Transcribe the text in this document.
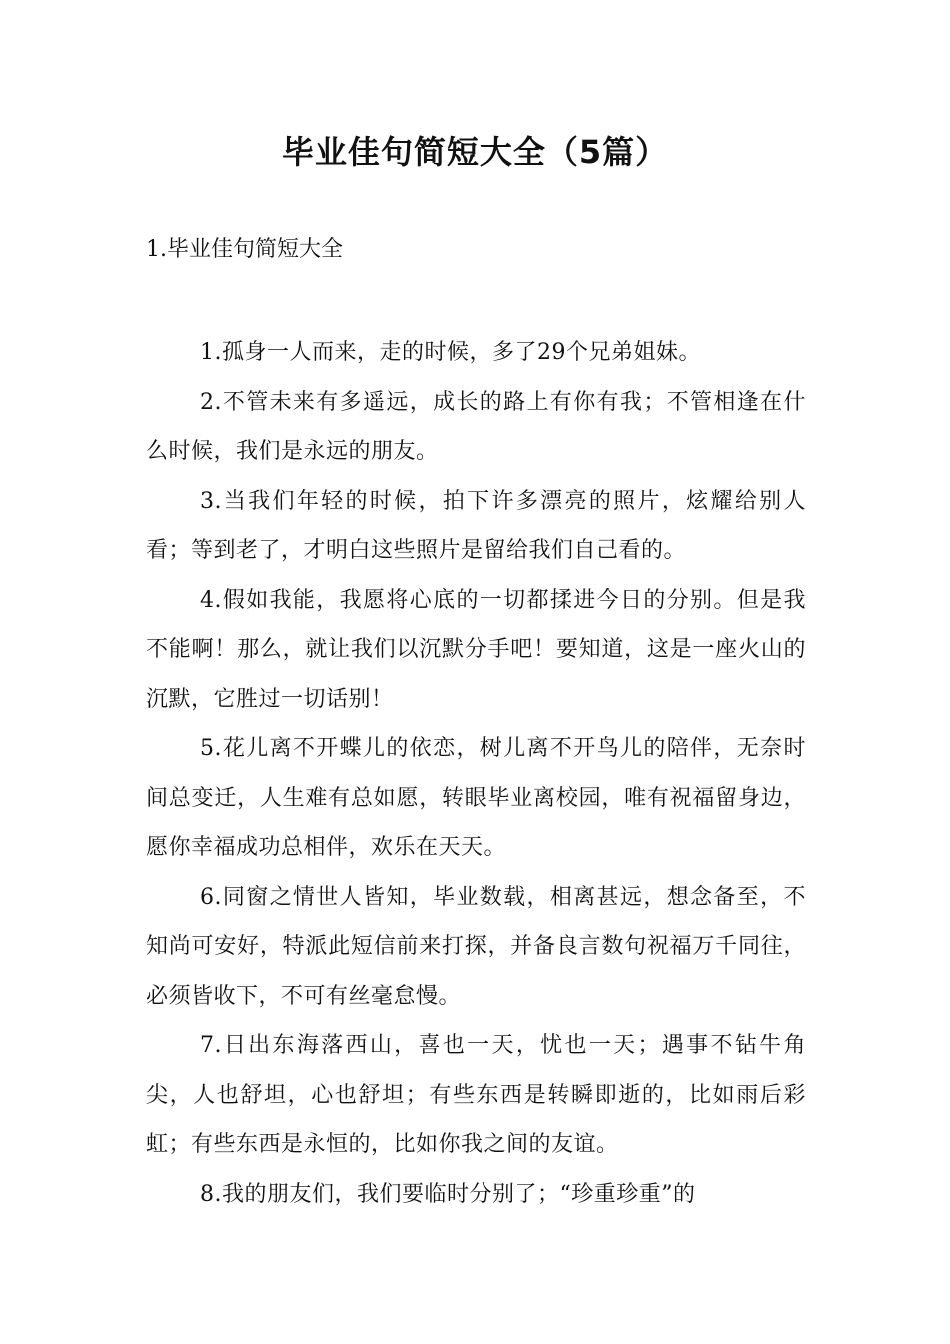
毕业佳句简短大全（5篇）
1.毕业佳句简短大全

1.孤身一人而来，走的时候，多了29个兄弟姐妹。

2.不管未来有多遥远，成长的路上有你有我；不管相逢在什么时候，我们是永远的朋友。

3.当我们年轻的时候，拍下许多漂亮的照片，炫耀给别人看；等到老了，才明白这些照片是留给我们自己看的。

4.假如我能，我愿将心底的一切都揉进今日的分别。但是我不能啊！那么，就让我们以沉默分手吧！要知道，这是一座火山的沉默，它胜过一切话别！

5.花儿离不开蝶儿的依恋，树儿离不开鸟儿的陪伴，无奈时间总变迁，人生难有总如愿，转眼毕业离校园，唯有祝福留身边，愿你幸福成功总相伴，欢乐在天天。

6.同窗之情世人皆知，毕业数载，相离甚远，想念备至，不知尚可安好，特派此短信前来打探，并备良言数句祝福万千同往，必须皆收下，不可有丝毫怠慢。

7.日出东海落西山，喜也一天，忧也一天；遇事不钻牛角尖，人也舒坦，心也舒坦；有些东西是转瞬即逝的，比如雨后彩虹；有些东西是永恒的，比如你我之间的友谊。

8.我的朋友们，我们要临时分别了；“珍重珍重”的
